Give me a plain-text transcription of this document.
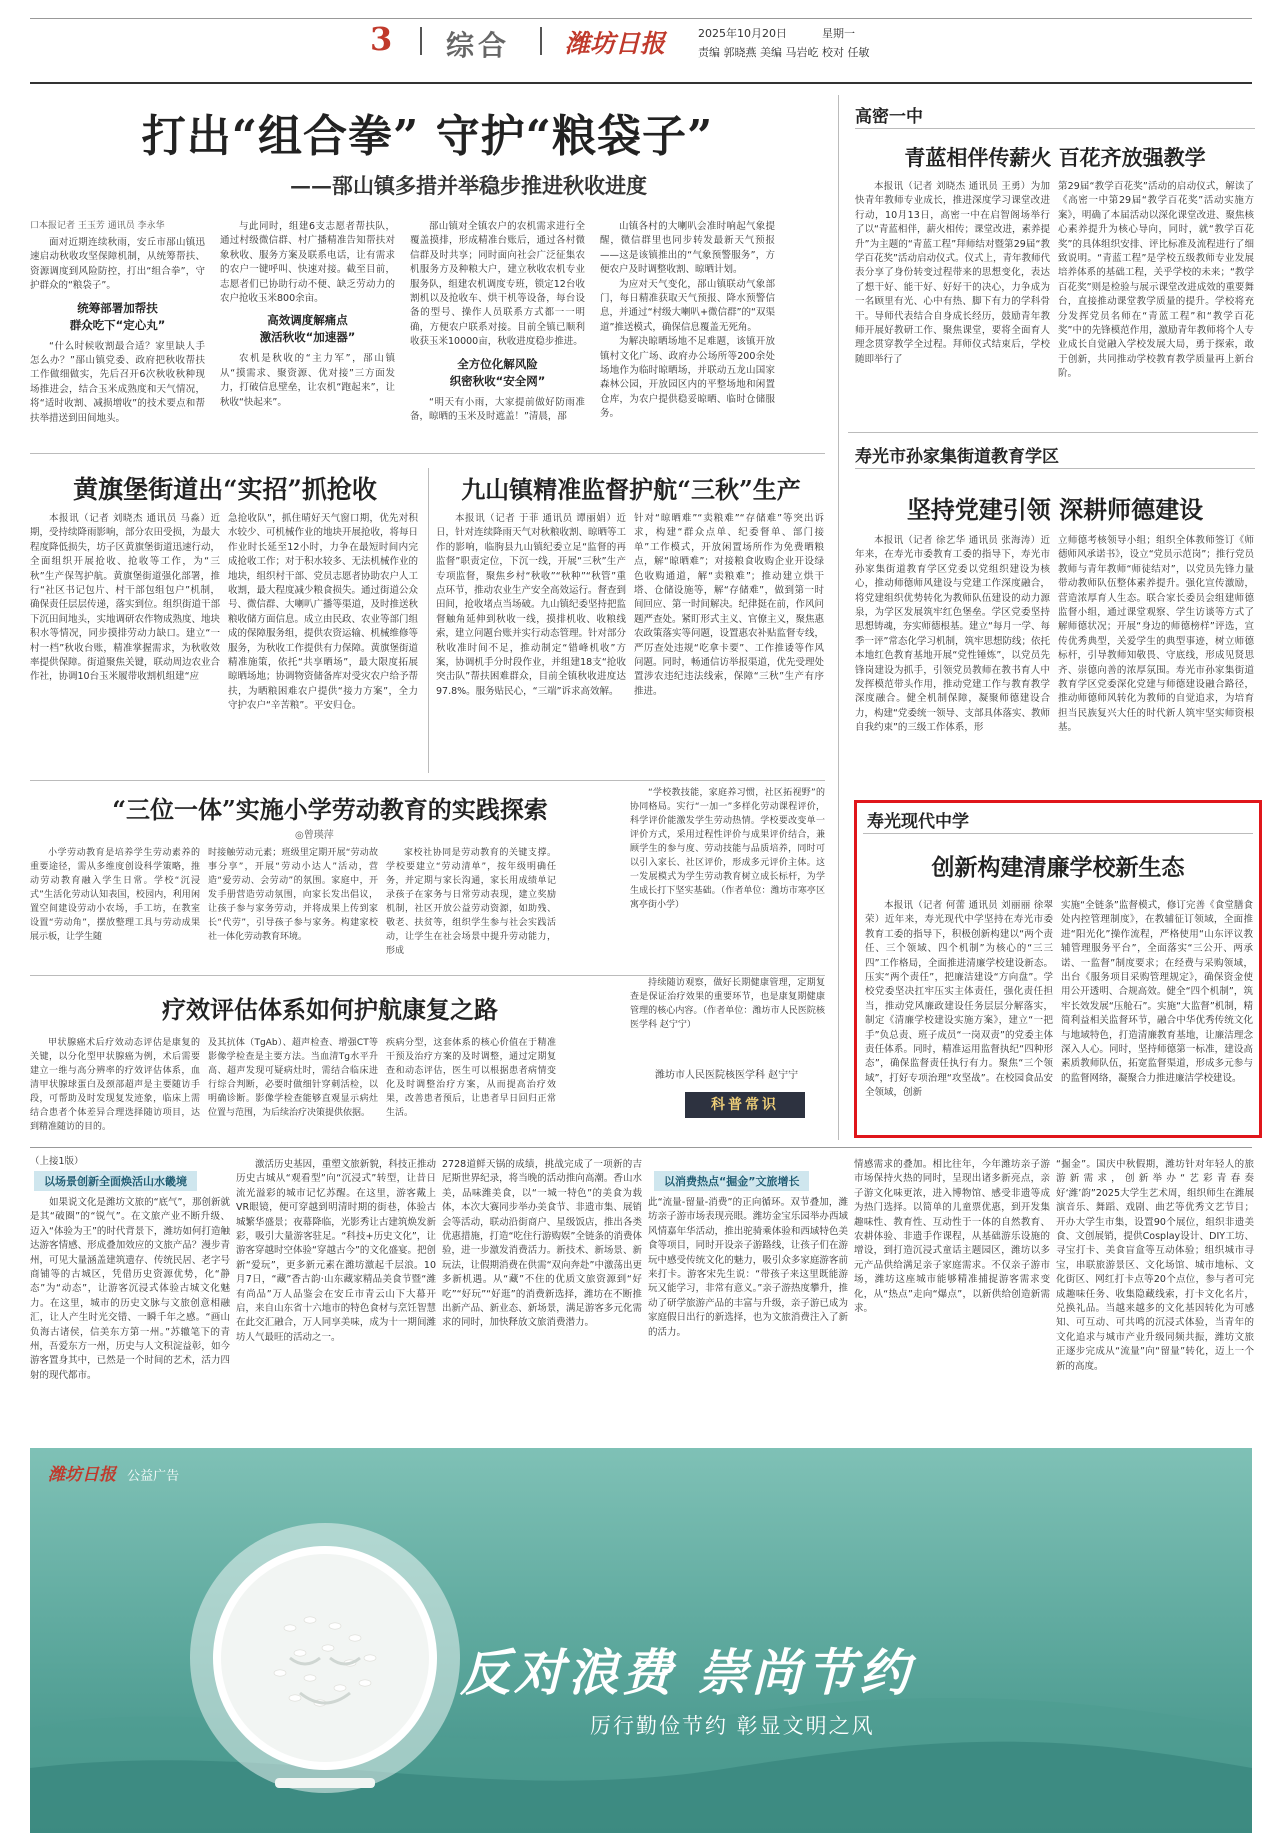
3 综合 潍坊日报	2025年10月20日	星期一
责编 郭晓燕 美编 马岩屹 校对 任敏
打出“组合拳” 守护“粮袋子”
——郚山镇多措并举稳步推进秋收进度
口本报记者 王玉芳 通讯员 李永华

面对近期连续秋雨，安丘市郚山镇迅速启动秋收攻坚保障机制，从统筹帮扶、资源调度到风险防控，打出“组合拳”，守护群众的“粮袋子”。

统筹部署加帮扶
群众吃下“定心丸”

“什么时候收割最合适？家里缺人手怎么办？”郚山镇党委、政府把秋收帮扶工作做细做实，先后召开6次秋收秋种现场推进会，结合玉米成熟度和天气情况，将“适时收割、减损增收”的技术要点和帮扶举措送到田间地头。

与此同时，组建6支志愿者帮扶队，通过村级微信群、村广播精准告知帮扶对象秋收、服务方案及联系电话，让有需求的农户一键呼叫、快速对接。截至目前，志愿者们已协助行动不便、缺乏劳动力的农户抢收玉米800余亩。

高效调度解痛点
激活秋收“加速器”

农机是秋收的“主力军”，郚山镇从“摸需求、聚资源、优对接”三方面发力，打破信息壁垒，让农机“跑起来”，让秋收“快起来”。

郚山镇对全镇农户的农机需求进行全覆盖摸排，形成精准台账后，通过各村微信群及时共享；同时面向社会广泛征集农机服务方及种粮大户，建立秋收农机专业服务队，组建农机调度专班，锁定12台收割机以及抢收车、烘干机等设备，每台设备的型号、操作人员联系方式都一一明确，方便农户联系对接。目前全镇已顺利收获玉米10000亩，秋收进度稳步推进。

全方位化解风险
织密秋收“安全网”

“明天有小雨，大家提前做好防雨准备，晾晒的玉米及时遮盖！”清晨，郚

山镇各村的大喇叭会准时响起气象提醒，微信群里也同步转发最新天气预报——这是该镇推出的“气象预警服务”，方便农户及时调整收割、晾晒计划。

为应对天气变化，郚山镇联动气象部门，每日精准获取天气预报、降水预警信息，并通过“村级大喇叭+微信群”的“双渠道”推送模式，确保信息覆盖无死角。

为解决晾晒场地不足难题，该镇开放镇村文化广场、政府办公场所等200余处场地作为临时晾晒场，并联动五龙山国家森林公园，开放园区内的平整场地和闲置仓库，为农户提供稳妥晾晒、临时仓储服务。

黄旗堡街道出“实招”抓抢收

本报讯（记者 刘晓杰 通讯员 马淼）近期，受持续降雨影响，部分农田受损，为最大程度降低损失，坊子区黄旗堡街道迅速行动，全面组织开展抢收、抢收等工作，为“三秋”生产保驾护航。黄旗堡街道强化部署，推行“社区书记包片、村干部包组包户”机制，确保责任层层传递，落实到位。组织街道干部下沉田间地头，实地调研农作物成熟度、地块积水等情况，同步摸排劳动力缺口。建立“一村一档”秋收台账，精准掌握需求，为秋收效率提供保障。街道聚焦关键，联动周边农业合作社，协调10台玉米履带收割机组建“应

急抢收队”，抓住晴好天气窗口期，优先对积水较少、可机械作业的地块开展抢收，将每日作业时长延至12小时，力争在最短时间内完成抢收工作；对于积水较多、无法机械作业的地块，组织村干部、党员志愿者协助农户人工收割，最大程度减少粮食损失。通过街道公众号、微信群、大喇叭广播等渠道，及时推送秋粮收储方面信息。成立由民政、农业等部门组成的保障服务组，提供农资运输、机械维修等服务，为秋收工作提供有力保障。黄旗堡街道精准施策，依托“共享晒场”，最大限度拓展晾晒场地；协调物资储备库对受灾农户给予帮扶，为晒粮困难农户提供“接力方案”，全力守护农户“辛苦粮”。平安归仓。

九山镇精准监督护航“三秋”生产

本报讯（记者 于菲 通讯员 谭丽娟）近日，针对连续降雨天气对秋粮收割、晾晒等工作的影响，临朐县九山镇纪委立足“监督的再监督”职责定位，下沉一线，开展“三秋”生产专项监督，聚焦乡村“秋收”“秋种”“秋管”重点环节，推动农业生产安全高效运行。督查到田间，抢收堵点当场破。九山镇纪委坚持把监督触角延伸到秋收一线，摸排机收、收粮线索，建立问题台账并实行动态管理。针对部分秋收准时间不足，推动制定“错峰机收”方案，协调机手分时段作业，并组建18支“抢收突击队”帮扶困难群众，目前全镇秋收进度达97.8%。服务贴民心，“三端”诉求高效解。

针对“晾晒难”“卖粮难”“存储难”等突出诉求，构建“群众点单、纪委督单、部门接单”工作模式，开放闲置场所作为免费晒粮点，解“晾晒难”；对接粮食收购企业开设绿色收购通道，解“卖粮难”；推动建立烘干塔、仓储设施等，解“存储难”，做到第一时间回应、第一时间解决。纪律挺在前，作风问题严查处。紧盯形式主义、官僚主义，聚焦惠农政策落实等问题，设置惠农补贴监督专线，严厉查处违规“吃拿卡要”、工作推诿等作风问题。同时，畅通信访举报渠道，优先受理处置涉农违纪违法线索，保障“三秋”生产有序推进。

“三位一体”实施小学劳动教育的实践探索
◎曾瑛萍

小学劳动教育是培养学生劳动素养的重要途径，需从多维度创设科学策略，推动劳动教育融入学生日常。学校“沉浸式”生活化劳动认知表国，校园内，利用闲置空间建设劳动小农场，手工坊，在教室设置“劳动角”，摆放整理工具与劳动成果展示板，让学生随

时接触劳动元素；班级里定期开展“劳动故事分享”，开展“劳动小达人”活动，营造“爱劳动、会劳动”的氛围。家庭中，开发手册营造劳动氛围，向家长发出倡议，让孩子参与家务劳动，并将成果上传到家长“代劳”，引导孩子参与家务。构建家校社一体化劳动教育环境。

家校社协同是劳动教育的关键支撑。学校要建立“劳动清单”，按年级明确任务，并定期与家长沟通，家长用成绩单记录孩子在家务与日常劳动表现，建立奖励机制，社区开放公益劳动资源，如助残、敬老、扶贫等，组织学生参与社会实践活动，让学生在社会场景中提升劳动能力，形成

“学校教技能，家庭养习惯，社区拓视野”的协同格局。实行“一加一”多样化劳动课程评价，科学评价能激发学生劳动热情。学校要改变单一评价方式，采用过程性评价与成果评价结合，兼顾学生的参与度、劳动技能与品质培养，同时可以引入家长、社区评价，形成多元评价主体。这一发展模式为学生劳动教育树立成长标杆，为学生成长打下坚实基础。（作者单位：潍坊市寒亭区寓亭街小学）

疗效评估体系如何护航康复之路

甲状腺癌术后疗效动态评估是康复的关键，以分化型甲状腺癌为例，术后需要建立一维与高分辨率的疗效评估体系，血清甲状腺球蛋白及颈部超声是主要随访手段，可帮助及时发现复发迹象，临床上需结合患者个体差异合理选择随访项目，达到精准随访的目的。

及其抗体（TgAb）、超声检查、增强CT等影像学检查是主要方法。当血清Tg水平升高、超声发现可疑病灶时，需结合临床进行综合判断，必要时做细针穿刺活检，以明确诊断。影像学检查能够直观显示病灶位置与范围，为后续治疗决策提供依据。

疾病分型，这套体系的核心价值在于精准干预及治疗方案的及时调整，通过定期复查和动态评估，医生可以根据患者病情变化及时调整治疗方案，从而提高治疗效果，改善患者预后，让患者早日回归正常生活。

持续随访观察，做好长期健康管理，定期复查是保证治疗效果的重要环节，也是康复期健康管理的核心内容。（作者单位：潍坊市人民医院核医学科 赵宁宁）

潍坊市人民医院核医学科 赵宁宁
科普常识
高密一中
青蓝相伴传薪火 百花齐放强教学

本报讯（记者 刘晓杰 通讯员 王勇）为加快青年教师专业成长，推进深度学习课堂改进行动，10月13日，高密一中在启智阁场举行了以“青蓝相伴，薪火相传；课堂改进，素养提升”为主题的“青蓝工程”拜师结对暨第29届“教学百花奖”活动启动仪式。仪式上，青年教师代表分享了身份转变过程带来的思想变化，表达了想干好、能干好、好好干的决心，力争成为一名顾里有光、心中有热、脚下有力的学科骨干。导师代表结合自身成长经历，鼓励青年教师开展好教研工作、聚焦课堂，要将全面育人理念贯穿教学全过程。拜师仪式结束后，学校随即举行了

第29届“教学百花奖”活动的启动仪式，解读了《高密一中第29届“教学百花奖”活动实施方案》，明确了本届活动以深化课堂改进、聚焦核心素养提升为核心导向，同时，就“教学百花奖”的具体组织安排、评比标准及流程进行了细致说明。“青蓝工程”是学校五级教师专业发展培养体系的基础工程，关乎学校的未来；“教学百花奖”则是检验与展示课堂改进成效的重要舞台，直接推动课堂教学质量的提升。学校将充分发挥党员名师在“青蓝工程”和“教学百花奖”中的先锋模范作用，激励青年教师将个人专业成长自觉融入学校发展大局，勇于探索，敢于创新，共同推动学校教育教学质量再上新台阶。

寿光市孙家集街道教育学区
坚持党建引领 深耕师德建设

本报讯（记者 徐艺华 通讯员 张海涛）近年来，在寿光市委教育工委的指导下，寿光市孙家集街道教育学区党委以党组织建设为核心，推动师德师风建设与党建工作深度融合，将党建组织优势转化为教师队伍建设的动力源泉，为学区发展筑牢红色堡垒。学区党委坚持思想铸魂，夯实师德根基。建立“每月一学、每季一评”常态化学习机制，筑牢思想防线；依托本地红色教育基地开展“党性锤炼”，以党员先锋岗建设为抓手，引领党员教师在教书育人中发挥模范带头作用，推动党建工作与教育教学深度融合。健全机制保障，凝聚师德建设合力，构建“党委统一领导、支部具体落实、教师自我约束”的三级工作体系，形

立师德考核领导小组；组织全体教师签订《师德师风承诺书》，设立“党员示范岗”；推行党员教师与青年教师“师徒结对”，以党员先锋力量带动教师队伍整体素养提升。强化宣传激励，营造浓厚育人生态。联合家长委员会组建师德监督小组，通过课堂观察、学生访谈等方式了解师德状况；开展“身边的师德榜样”评选，宣传优秀典型，关爱学生的典型事迹，树立师德标杆，引导教师知敬畏、守底线，形成见贤思齐、崇德向善的浓厚氛围。寿光市孙家集街道教育学区党委深化党建与师德建设融合路径，推动师德师风转化为教师的自觉追求，为培育担当民族复兴大任的时代新人筑牢坚实师资根基。

寿光现代中学
创新构建清廉学校新生态

本报讯（记者 何蕾 通讯员 刘丽丽 徐翠荣）近年来，寿光现代中学坚持在寿光市委教育工委的指导下，积极创新构建以“两个责任、三个领域、四个机制”为核心的“三三四”工作格局，全面推进清廉学校建设新态。压实“两个责任”，把廉洁建设“方向盘”。学校党委坚决扛牢压实主体责任，强化责任担当，推动党风廉政建设任务层层分解落实，制定《清廉学校建设实施方案》，建立“一把手”负总责、班子成员“一岗双责”的党委主体责任体系。同时，精准运用监督执纪“四种形态”，确保监督责任执行有力。聚焦“三个领域”，打好专项治理“攻坚战”。在校园食品安全领域，创新

实施“全链条”监督模式，修订完善《食堂膳食处内控管理制度》，在教辅征订领域，全面推进“阳光化”操作流程，严格使用“山东评议教辅管理服务平台”，全面落实“三公开、两承诺、一监督”制度要求；在经费与采购领域，出台《服务项目采购管理规定》，确保资金使用公开透明、合规高效。健全“四个机制”，筑牢长效发展“压舱石”。实施“大监督”机制，精简利益相关监督环节，融合中华优秀传统文化与地域特色，打造清廉教育基地，让廉洁理念深入人心。同时，坚持师德第一标准，建设高素质教师队伍，拓宽监督渠道，形成多元参与的监督网络，凝聚合力推进廉洁学校建设。

（上接1版）
以场景创新全面焕活山水畿境

如果说文化是潍坊文旅的“底气”，那创新就是其“破圈”的“锐气”。在文旅产业不断升级、迈入“体验为王”的时代背景下，潍坊如何打造触达游客情感、形成叠加效应的文旅产品？漫步青州，可见大量涵盖建筑遗存、传统民居、老字号商铺等的古城区，凭借历史资源优势，化“静态”为“动态”，让游客沉浸式体验古城文化魅力。在这里，城市的历史文脉与文旅创意相融汇，让人产生时光交错、一瞬千年之感。“画山负海古诸侯，信美东方第一州。”苏辙笔下的青州，吾爱东方一州，历史与人文积淀益彰，如今游客置身其中，已然是一个时间的艺术，活力四射的现代都市。

激活历史基因，重塑文旅新貌，科技正推动历史古城从“观看型”向“沉浸式”转型，让昔日流光溢彩的城市记忆苏醒。在这里，游客戴上VR眼镜，便可穿越到明清时期的街巷，体验古城繁华盛景；夜幕降临，光影秀让古建筑焕发新彩，吸引大量游客驻足。“科技+历史文化”，让游客穿越时空体验“穿越古今”的文化盛宴。把创新“爱玩”，更多新元素在潍坊激起千层浪。10月7日，“藏”香古韵·山东藏家精品美食节暨“潍有尚品”万人品鉴会在安丘市青云山下大幕开启，来自山东省十六地市的特色食材与烹饪智慧在此交汇融合，万人同享美味，成为十一期间潍坊人气最旺的活动之一。

2728道鲜天锅的成绩，挑战完成了一项新的吉尼斯世界纪录，将当晚的活动推向高潮。香山水美，品味潍美食，以“一城一特色”的美食为载体，本次大赛同步举办美食节、非遗市集、展销会等活动，联动沿街商户、星级饭店，推出各类优惠措施，打造“吃住行游购娱”全链条的消费体验，进一步激发消费活力。新技术、新场景、新玩法，让假期消费在供需“双向奔赴”中激荡出更多新机遇。从“藏”不住的优质文旅资源到“好吃”“好玩”“好逛”的消费新选择，潍坊在不断推出新产品、新业态、新场景，满足游客多元化需求的同时，加快释放文旅消费潜力。

以消费热点“掘金”文旅增长

此“流量-留量-消费”的正向循环。双节叠加，潍坊亲子游市场表现亮眼。潍坊金宝乐园举办西域风情嘉年华活动，推出驼骑乘体验和西域特色美食等项目，同时开设亲子游路线，让孩子们在游玩中感受传统文化的魅力，吸引众多家庭游客前来打卡。游客宋先生说：“带孩子来这里既能游玩又能学习，非常有意义。”亲子游热度攀升，推动了研学旅游产品的丰富与升级，亲子游已成为家庭假日出行的新选择，也为文旅消费注入了新的活力。

情感需求的叠加。相比往年，今年潍坊亲子游市场保持火热的同时，呈现出诸多新亮点，亲子游文化味更浓，进入博物馆、感受非遗等成为热门选择。以简单的儿童票优惠，到开发集趣味性、教育性、互动性于一体的自然教育、农耕体验、非遗手作课程，从基础游乐设施的增设，到打造沉浸式童话主题园区，潍坊以多元产品供给满足亲子家庭需求。不仅亲子游市场，潍坊这座城市能够精准捕捉游客需求变化，从“热点”走向“爆点”，以新供给创造新需求。

“掘金”。国庆中秋假期，潍坊针对年轻人的旅游新需求，创新举办“艺彩青春奏好‘潍’韵”2025大学生艺术周，组织师生在潍展演音乐、舞蹈、戏剧、曲艺等优秀文艺节目；开办大学生市集，设置90个展位，组织非遗美食、文创展销，提供Cosplay设计、DIY工坊、寻宝打卡、美食盲盒等互动体验；组织城市寻宝，串联旅游景区、文化场馆、城市地标、文化街区、网红打卡点等20个点位，参与者可完成趣味任务、收集隐藏线索，打卡文化名片，兑换礼品。当越来越多的文化基因转化为可感知、可互动、可共鸣的沉浸式体验，当青年的文化追求与城市产业升级同频共振，潍坊文旅正逐步完成从“流量”向“留量”转化，迈上一个新的高度。

潍坊日报 公益广告
反对浪费 崇尚节约
厉行勤俭节约 彰显文明之风
